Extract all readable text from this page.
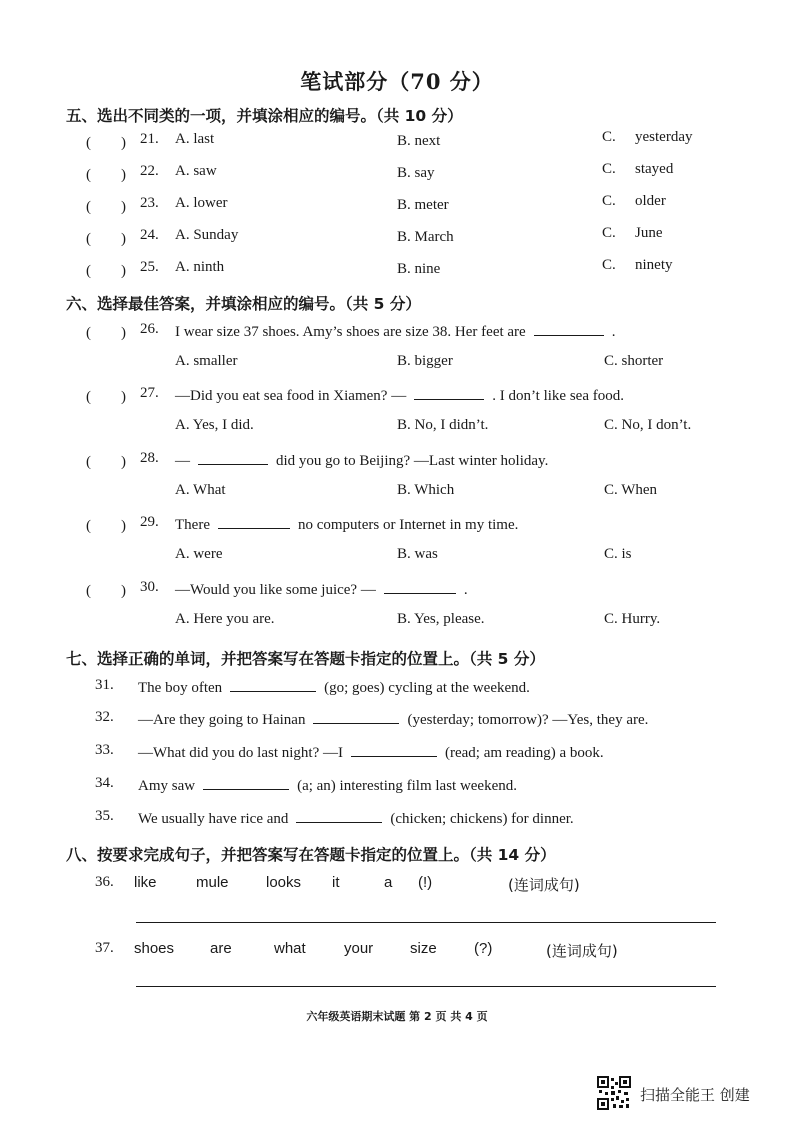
笔试部分（70 分）
五、选出不同类的一项，并填涂相应的编号。（共 10 分）
(　　) 21. A. last	B. next	C. yesterday
(　　) 22. A. saw	B. say	C. stayed
(　　) 23. A. lower	B. meter	C. older
(　　) 24. A. Sunday	B. March	C. June
(　　) 25. A. ninth	B. nine	C. ninety
六、选择最佳答案，并填涂相应的编号。（共 5 分）
(　　) 26. I wear size 37 shoes. Amy’s shoes are size 38. Her feet are	.
A. smaller	B. bigger	C. shorter
(　　) 27. —Did you eat sea food in Xiamen? —	. I don’t like sea food.
A. Yes, I did.	B. No, I didn’t.	C. No, I don’t.
(　　) 28. —	did you go to Beijing? —Last winter holiday.
A. What	B. Which	C. When
(　　) 29. There	no computers or Internet in my time.
A. were	B. was	C. is
(　　) 30. —Would you like some juice? —	.
A. Here you are.	B. Yes, please.	C. Hurry.
七、选择正确的单词，并把答案写在答题卡指定的位置上。（共 5 分）
31. The boy often	(go; goes) cycling at the weekend.
32. —Are they going to Hainan	(yesterday; tomorrow)? —Yes, they are.
33. —What did you do last night? —I	(read; am reading) a book.
34. Amy saw	(a; an) interesting film last weekend.
35. We usually have rice and	(chicken; chickens) for dinner.
八、按要求完成句子，并把答案写在答题卡指定的位置上。（共 14 分）
36. like	mule looks it	a (!)	(连词成句)
37. shoes are	what	your size (?)	(连词成句)
六年级英语期末试题 第 2 页 共 4 页
扫描全能王 创建
